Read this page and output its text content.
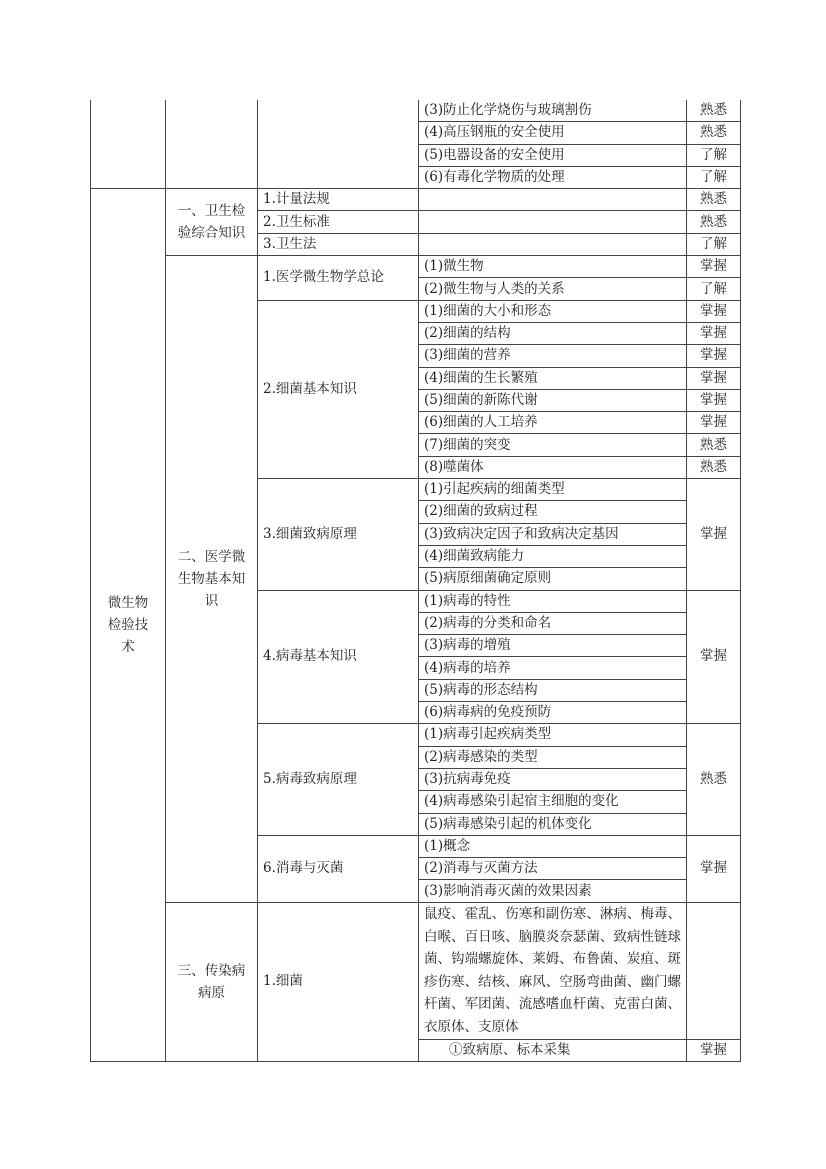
			(3)防止化学烧伤与玻璃割伤	熟悉
			(4)高压钢瓶的安全使用	熟悉
			(5)电器设备的安全使用	了解
			(6)有毒化学物质的处理	了解
微生物检验技术	一、卫生检验综合知识	1.计量法规		熟悉
		2.卫生标准		熟悉
		3.卫生法		了解
	二、医学微生物基本知识	1.医学微生物学总论	(1)微生物	掌握
			(2)微生物与人类的关系	了解
		2.细菌基本知识	(1)细菌的大小和形态	掌握
			(2)细菌的结构	掌握
			(3)细菌的营养	掌握
			(4)细菌的生长繁殖	掌握
			(5)细菌的新陈代谢	掌握
			(6)细菌的人工培养	掌握
			(7)细菌的突变	熟悉
			(8)噬菌体	熟悉
		3.细菌致病原理	(1)引起疾病的细菌类型	掌握
			(2)细菌的致病过程	
			(3)致病决定因子和致病决定基因	
			(4)细菌致病能力	
			(5)病原细菌确定原则	
		4.病毒基本知识	(1)病毒的特性	掌握
			(2)病毒的分类和命名	
			(3)病毒的增殖	
			(4)病毒的培养	
			(5)病毒的形态结构	
			(6)病毒病的免疫预防	
		5.病毒致病原理	(1)病毒引起疾病类型	熟悉
			(2)病毒感染的类型	
			(3)抗病毒免疫	
			(4)病毒感染引起宿主细胞的变化	
			(5)病毒感染引起的机体变化	
		6.消毒与灭菌	(1)概念	掌握
			(2)消毒与灭菌方法	
			(3)影响消毒灭菌的效果因素	
	三、传染病病原	1.细菌	鼠疫、霍乱、伤寒和副伤寒、淋病、梅毒、白喉、百日咳、脑膜炎奈瑟菌、致病性链球菌、钩端螺旋体、莱姆、布鲁菌、炭疽、斑疹伤寒、结核、麻风、空肠弯曲菌、幽门螺杆菌、军团菌、流感嗜血杆菌、克雷白菌、衣原体、支原体	
			①致病原、标本采集	掌握
